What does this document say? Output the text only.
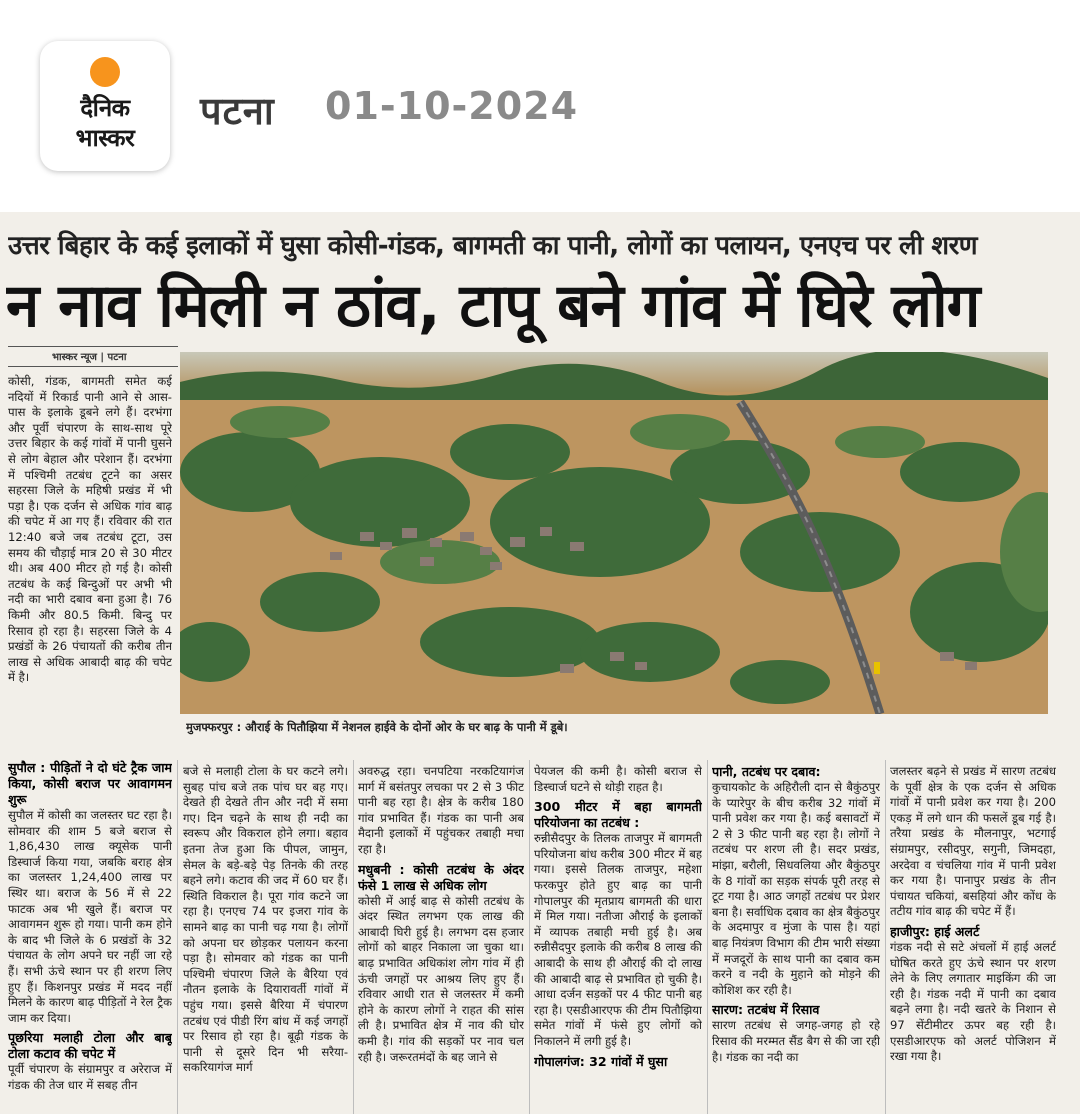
दैनिक
भास्कर
पटना 01-10-2024
उत्तर बिहार के कई इलाकों में घुसा कोसी-गंडक, बागमती का पानी, लोगों का पलायन, एनएच पर ली शरण
न नाव मिली न ठांव, टापू बने गांव में घिरे लोग
भास्कर न्यूज | पटना
मुजफ्फरपुर : औराई के पितौझिया में नेशनल हाईवे के दोनों ओर के घर बाढ़ के पानी में डूबे।

कोसी, गंडक, बागमती समेत कई नदियों में रिकार्ड पानी आने से आस-पास के इलाके डूबने लगे हैं। दरभंगा और पूर्वी चंपारण के साथ-साथ पूरे उत्तर बिहार के कई गांवों में पानी घुसने से लोग बेहाल और परेशान हैं। दरभंगा में पश्चिमी तटबंध टूटने का असर सहरसा जिले के महिषी प्रखंड में भी पड़ा है। एक दर्जन से अधिक गांव बाढ़ की चपेट में आ गए हैं। रविवार की रात 12:40 बजे जब तटबंध टूटा, उस समय की चौड़ाई मात्र 20 से 30 मीटर थी। अब 400 मीटर हो गई है। कोसी तटबंध के कई बिन्दुओं पर अभी भी नदी का भारी दबाव बना हुआ है। 76 किमी और 80.5 किमी. बिन्दु पर रिसाव हो रहा है। सहरसा जिले के 4 प्रखंडों के 26 पंचायतों की करीब तीन लाख से अधिक आबादी बाढ़ की चपेट में है।

सुपौल : पीड़ितों ने दो घंटे ट्रैक जाम किया, कोसी बराज पर आवागमन शुरू

सुपौल में कोसी का जलस्तर घट रहा है। सोमवार की शाम 5 बजे बराज से 1,86,430 लाख क्यूसेक पानी डिस्चार्ज किया गया, जबकि बराह क्षेत्र का जलस्तर 1,24,400 लाख पर स्थिर था। बराज के 56 में से 22 फाटक अब भी खुले हैं। बराज पर आवागमन शुरू हो गया। पानी कम होने के बाद भी जिले के 6 प्रखंडों के 32 पंचायत के लोग अपने घर नहीं जा रहे हैं। सभी ऊंचे स्थान पर ही शरण लिए हुए हैं। किशनपुर प्रखंड में मदद नहीं मिलने के कारण बाढ़ पीड़ितों ने रेल ट्रैक जाम कर दिया।

पूछरिया मलाही टोला और बाबू टोला कटाव की चपेट में

पूर्वी चंपारण के संग्रामपुर व अरेराज में गंडक की तेज धार में सबह तीन

बजे से मलाही टोला के घर कटने लगे। सुबह पांच बजे तक पांच घर बह गए। देखते ही देखते तीन और नदी में समा गए। दिन चढ़ने के साथ ही नदी का स्वरूप और विकराल होने लगा। बहाव इतना तेज हुआ कि पीपल, जामुन, सेमल के बड़े-बड़े पेड़ तिनके की तरह बहने लगे। कटाव की जद में 60 घर हैं। स्थिति विकराल है। पूरा गांव कटने जा रहा है। एनएच 74 पर इजरा गांव के सामने बाढ़ का पानी चढ़ गया है। लोगों को अपना घर छोड़कर पलायन करना पड़ा है। सोमवार को गंडक का पानी पश्चिमी चंपारण जिले के बैरिया एवं नौतन इलाके के दियारावर्ती गांवों में पहुंच गया। इससे बैरिया में चंपारण तटबंध एवं पीडी रिंग बांध में कई जगहों पर रिसाव हो रहा है। बूढ़ी गंडक के पानी से दूसरे दिन भी सरैया-सकरियागंज मार्ग

अवरुद्ध रहा। चनपटिया नरकटियागंज मार्ग में बसंतपुर लचका पर 2 से 3 फीट पानी बह रहा है। क्षेत्र के करीब 180 गांव प्रभावित हैं। गंडक का पानी अब मैदानी इलाकों में पहुंचकर तबाही मचा रहा है।

मधुबनी : कोसी तटबंध के अंदर फंसे 1 लाख से अधिक लोग

कोसी में आई बाढ़ से कोसी तटबंध के अंदर स्थित लगभग एक लाख की आबादी घिरी हुई है। लगभग दस हजार लोगों को बाहर निकाला जा चुका था। बाढ़ प्रभावित अधिकांश लोग गांव में ही ऊंची जगहों पर आश्रय लिए हुए हैं। रविवार आधी रात से जलस्तर में कमी होने के कारण लोगों ने राहत की सांस ली है। प्रभावित क्षेत्र में नाव की घोर कमी है। गांव की सड़कों पर नाव चल रही है। जरूरतमंदों के बह जाने से

पेयजल की कमी है। कोसी बराज से डिस्चार्ज घटने से थोड़ी राहत है।

300 मीटर में बहा बागमती परियोजना का तटबंध :

रुन्नीसैदपुर के तिलक ताजपुर में बागमती परियोजना बांध करीब 300 मीटर में बह गया। इससे तिलक ताजपुर, महेशा फरकपुर होते हुए बाढ़ का पानी गोपालपुर की मृतप्राय बागमती की धारा में मिल गया। नतीजा औराई के इलाकों में व्यापक तबाही मची हुई है। अब रुन्नीसैदपुर इलाके की करीब 8 लाख की आबादी के साथ ही औराई की दो लाख की आबादी बाढ़ से प्रभावित हो चुकी है। आधा दर्जन सड़कों पर 4 फीट पानी बह रहा है। एसडीआरएफ की टीम पितौझिया समेत गांवों में फंसे हुए लोगों को निकालने में लगी हुई है।

गोपालगंज: 32 गांवों में घुसा

पानी, तटबंध पर दबाव:

कुचायकोट के अहिरौली दान से बैकुंठपुर के प्यारेपुर के बीच करीब 32 गांवों में पानी प्रवेश कर गया है। कई बसावटों में 2 से 3 फीट पानी बह रहा है। लोगों ने तटबंध पर शरण ली है। सदर प्रखंड, मांझा, बरौली, सिधवलिया और बैकुंठपुर के 8 गांवों का सड़क संपर्क पूरी तरह से टूट गया है। आठ जगहों तटबंध पर प्रेशर बना है। सर्वाधिक दबाव का क्षेत्र बैकुंठपुर के अदमापुर व मुंजा के पास है। यहां बाढ़ नियंत्रण विभाग की टीम भारी संख्या में मजदूरों के साथ पानी का दबाव कम करने व नदी के मुहाने को मोड़ने की कोशिश कर रही है।

सारण: तटबंध में रिसाव

सारण तटबंध से जगह-जगह हो रहे रिसाव की मरम्मत सैंड बैग से की जा रही है। गंडक का नदी का

जलस्तर बढ़ने से प्रखंड में सारण तटबंध के पूर्वी क्षेत्र के एक दर्जन से अधिक गांवों में पानी प्रवेश कर गया है। 200 एकड़ में लगे धान की फसलें डूब गई है। तरैया प्रखंड के मौलनापुर, भटगाई संग्रामपुर, रसीदपुर, सगुनी, जिमदहा, अरदेवा व चंचलिया गांव में पानी प्रवेश कर गया है। पानापुर प्रखंड के तीन पंचायत चकियां, बसहियां और कोंध के तटीय गांव बाढ़ की चपेट में हैं।

हाजीपुर: हाई अलर्ट

गंडक नदी से सटे अंचलों में हाई अलर्ट घोषित करते हुए ऊंचे स्थान पर शरण लेने के लिए लगातार माइकिंग की जा रही है। गंडक नदी में पानी का दबाव बढ़ने लगा है। नदी खतरे के निशान से 97 सेंटीमीटर ऊपर बह रही है। एसडीआरएफ को अलर्ट पोजिशन में रखा गया है।
